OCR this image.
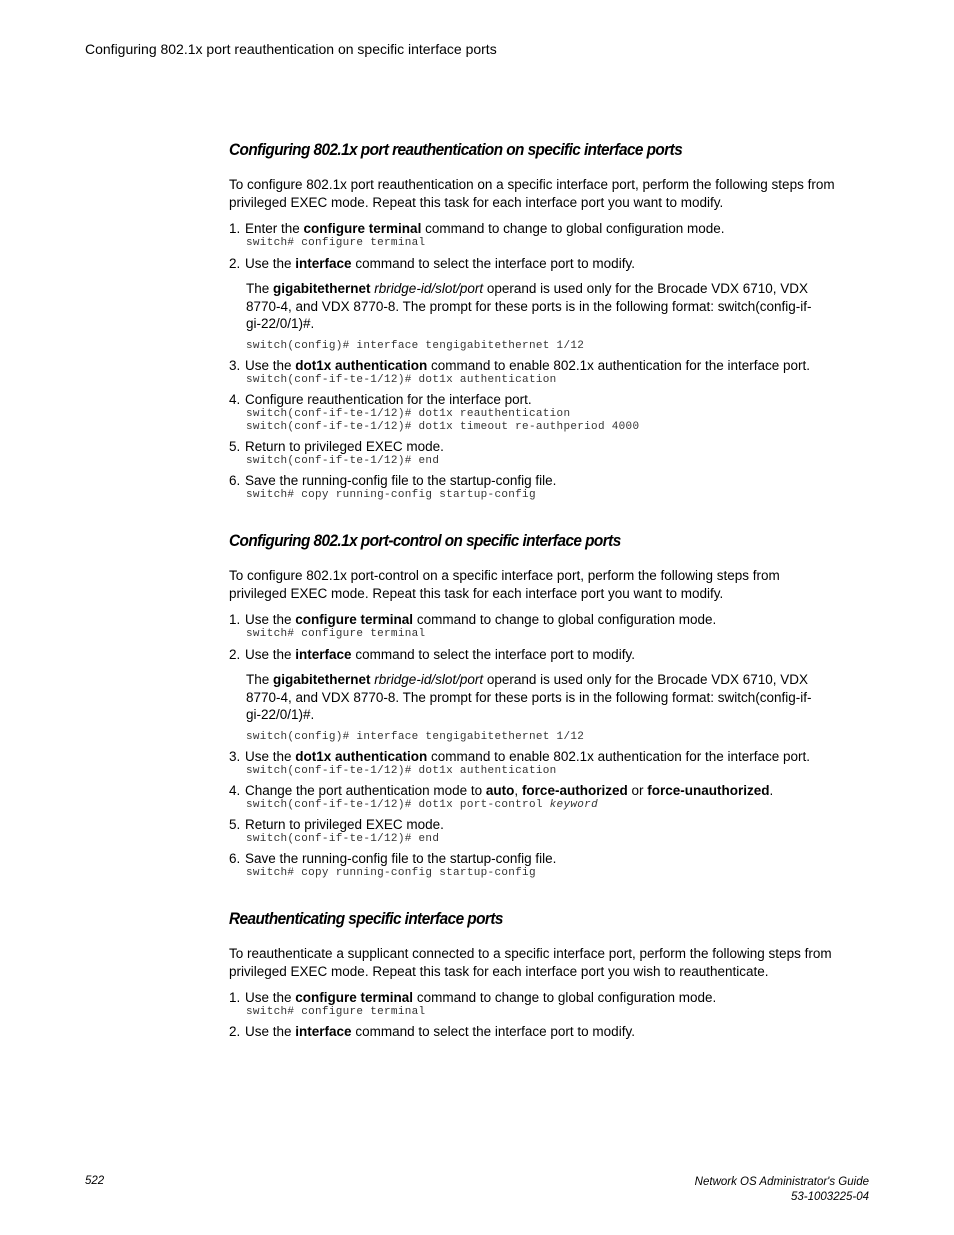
Configuring 802.1x port reauthentication on specific interface ports
Configuring 802.1x port reauthentication on specific interface ports
To configure 802.1x port reauthentication on a specific interface port, perform the following steps from
privileged EXEC mode. Repeat this task for each interface port you want to modify.
1. Enter the configure terminal command to change to global configuration mode.
switch# configure terminal
2. Use the interface command to select the interface port to modify.
The gigabitethernet rbridge-id/slot/port operand is used only for the Brocade VDX 6710, VDX
8770-4, and VDX 8770-8. The prompt for these ports is in the following format: switch(config-if-
gi-22/0/1)#.
switch(config)# interface tengigabitethernet 1/12
3. Use the dot1x authentication command to enable 802.1x authentication for the interface port.
switch(conf-if-te-1/12)# dot1x authentication
4. Configure reauthentication for the interface port.
switch(conf-if-te-1/12)# dot1x reauthentication
switch(conf-if-te-1/12)# dot1x timeout re-authperiod 4000
5. Return to privileged EXEC mode.
switch(conf-if-te-1/12)# end
6. Save the running-config file to the startup-config file.
switch# copy running-config startup-config
Configuring 802.1x port-control on specific interface ports
To configure 802.1x port-control on a specific interface port, perform the following steps from
privileged EXEC mode. Repeat this task for each interface port you want to modify.
1. Use the configure terminal command to change to global configuration mode.
switch# configure terminal
2. Use the interface command to select the interface port to modify.
The gigabitethernet rbridge-id/slot/port operand is used only for the Brocade VDX 6710, VDX
8770-4, and VDX 8770-8. The prompt for these ports is in the following format: switch(config-if-
gi-22/0/1)#.
switch(config)# interface tengigabitethernet 1/12
3. Use the dot1x authentication command to enable 802.1x authentication for the interface port.
switch(conf-if-te-1/12)# dot1x authentication
4. Change the port authentication mode to auto, force-authorized or force-unauthorized.
switch(conf-if-te-1/12)# dot1x port-control keyword
5. Return to privileged EXEC mode.
switch(conf-if-te-1/12)# end
6. Save the running-config file to the startup-config file.
switch# copy running-config startup-config
Reauthenticating specific interface ports
To reauthenticate a supplicant connected to a specific interface port, perform the following steps from
privileged EXEC mode. Repeat this task for each interface port you wish to reauthenticate.
1. Use the configure terminal command to change to global configuration mode.
switch# configure terminal
2. Use the interface command to select the interface port to modify.
522	Network OS Administrator's Guide
53-1003225-04
